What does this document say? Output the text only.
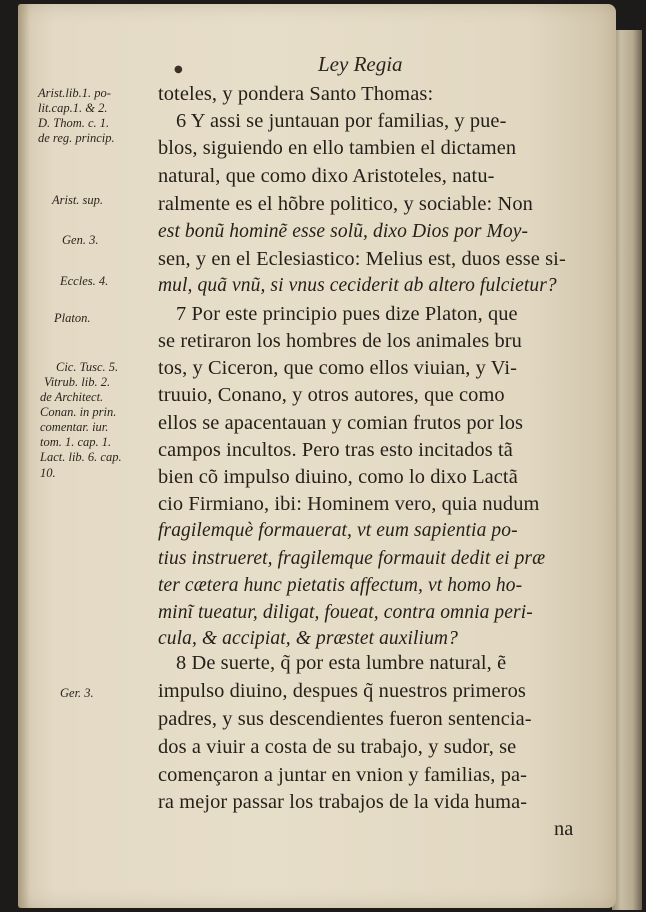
●	Ley Regia
Arist.lib.1. po-
lit.cap.1. & 2.
D. Thom. c. 1.
de reg. princip.
Arist. sup.
Gen. 3.
Eccles. 4.
Platon.
Cic. Tusc. 5.
Vitrub. lib. 2.
de Architect.
Conan. in prin.
comentar. iur.
tom. 1. cap. 1.
Lact. lib. 6. cap.
10.
Ger. 3.
toteles, y pondera Santo Thomas:
6 Y assi se juntauan por familias, y pue-
blos, siguiendo en ello tambien el dictamen
natural, que como dixo Aristoteles, natu-
ralmente es el hõbre politico, y sociable: Non
est bonũ hominẽ esse solũ, dixo Dios por Moy-
sen, y en el Eclesiastico: Melius est, duos esse si-
mul, quã vnũ, si vnus ceciderit ab altero fulcietur?
7 Por este principio pues dize Platon, que
se retiraron los hombres de los animales bru
tos, y Ciceron, que como ellos viuian, y Vi-
truuio, Conano, y otros autores, que como
ellos se apacentauan y comian frutos por los
campos incultos. Pero tras esto incitados tã
bien cõ impulso diuino, como lo dixo Lactã
cio Firmiano, ibi: Hominem vero, quia nudum
fragilemquè formauerat, vt eum sapientia po-
tius instrueret, fragilemque formauit dedit ei præ
ter cætera hunc pietatis affectum, vt homo ho-
minĩ tueatur, diligat, foueat, contra omnia peri-
cula, & accipiat, & præstet auxilium?
8 De suerte, q̃ por esta lumbre natural, ẽ
impulso diuino, despues q̃ nuestros primeros
padres, y sus descendientes fueron sentencia-
dos a viuir a costa de su trabajo, y sudor, se
començaron a juntar en vnion y familias, pa-
ra mejor passar los trabajos de la vida huma-
na
